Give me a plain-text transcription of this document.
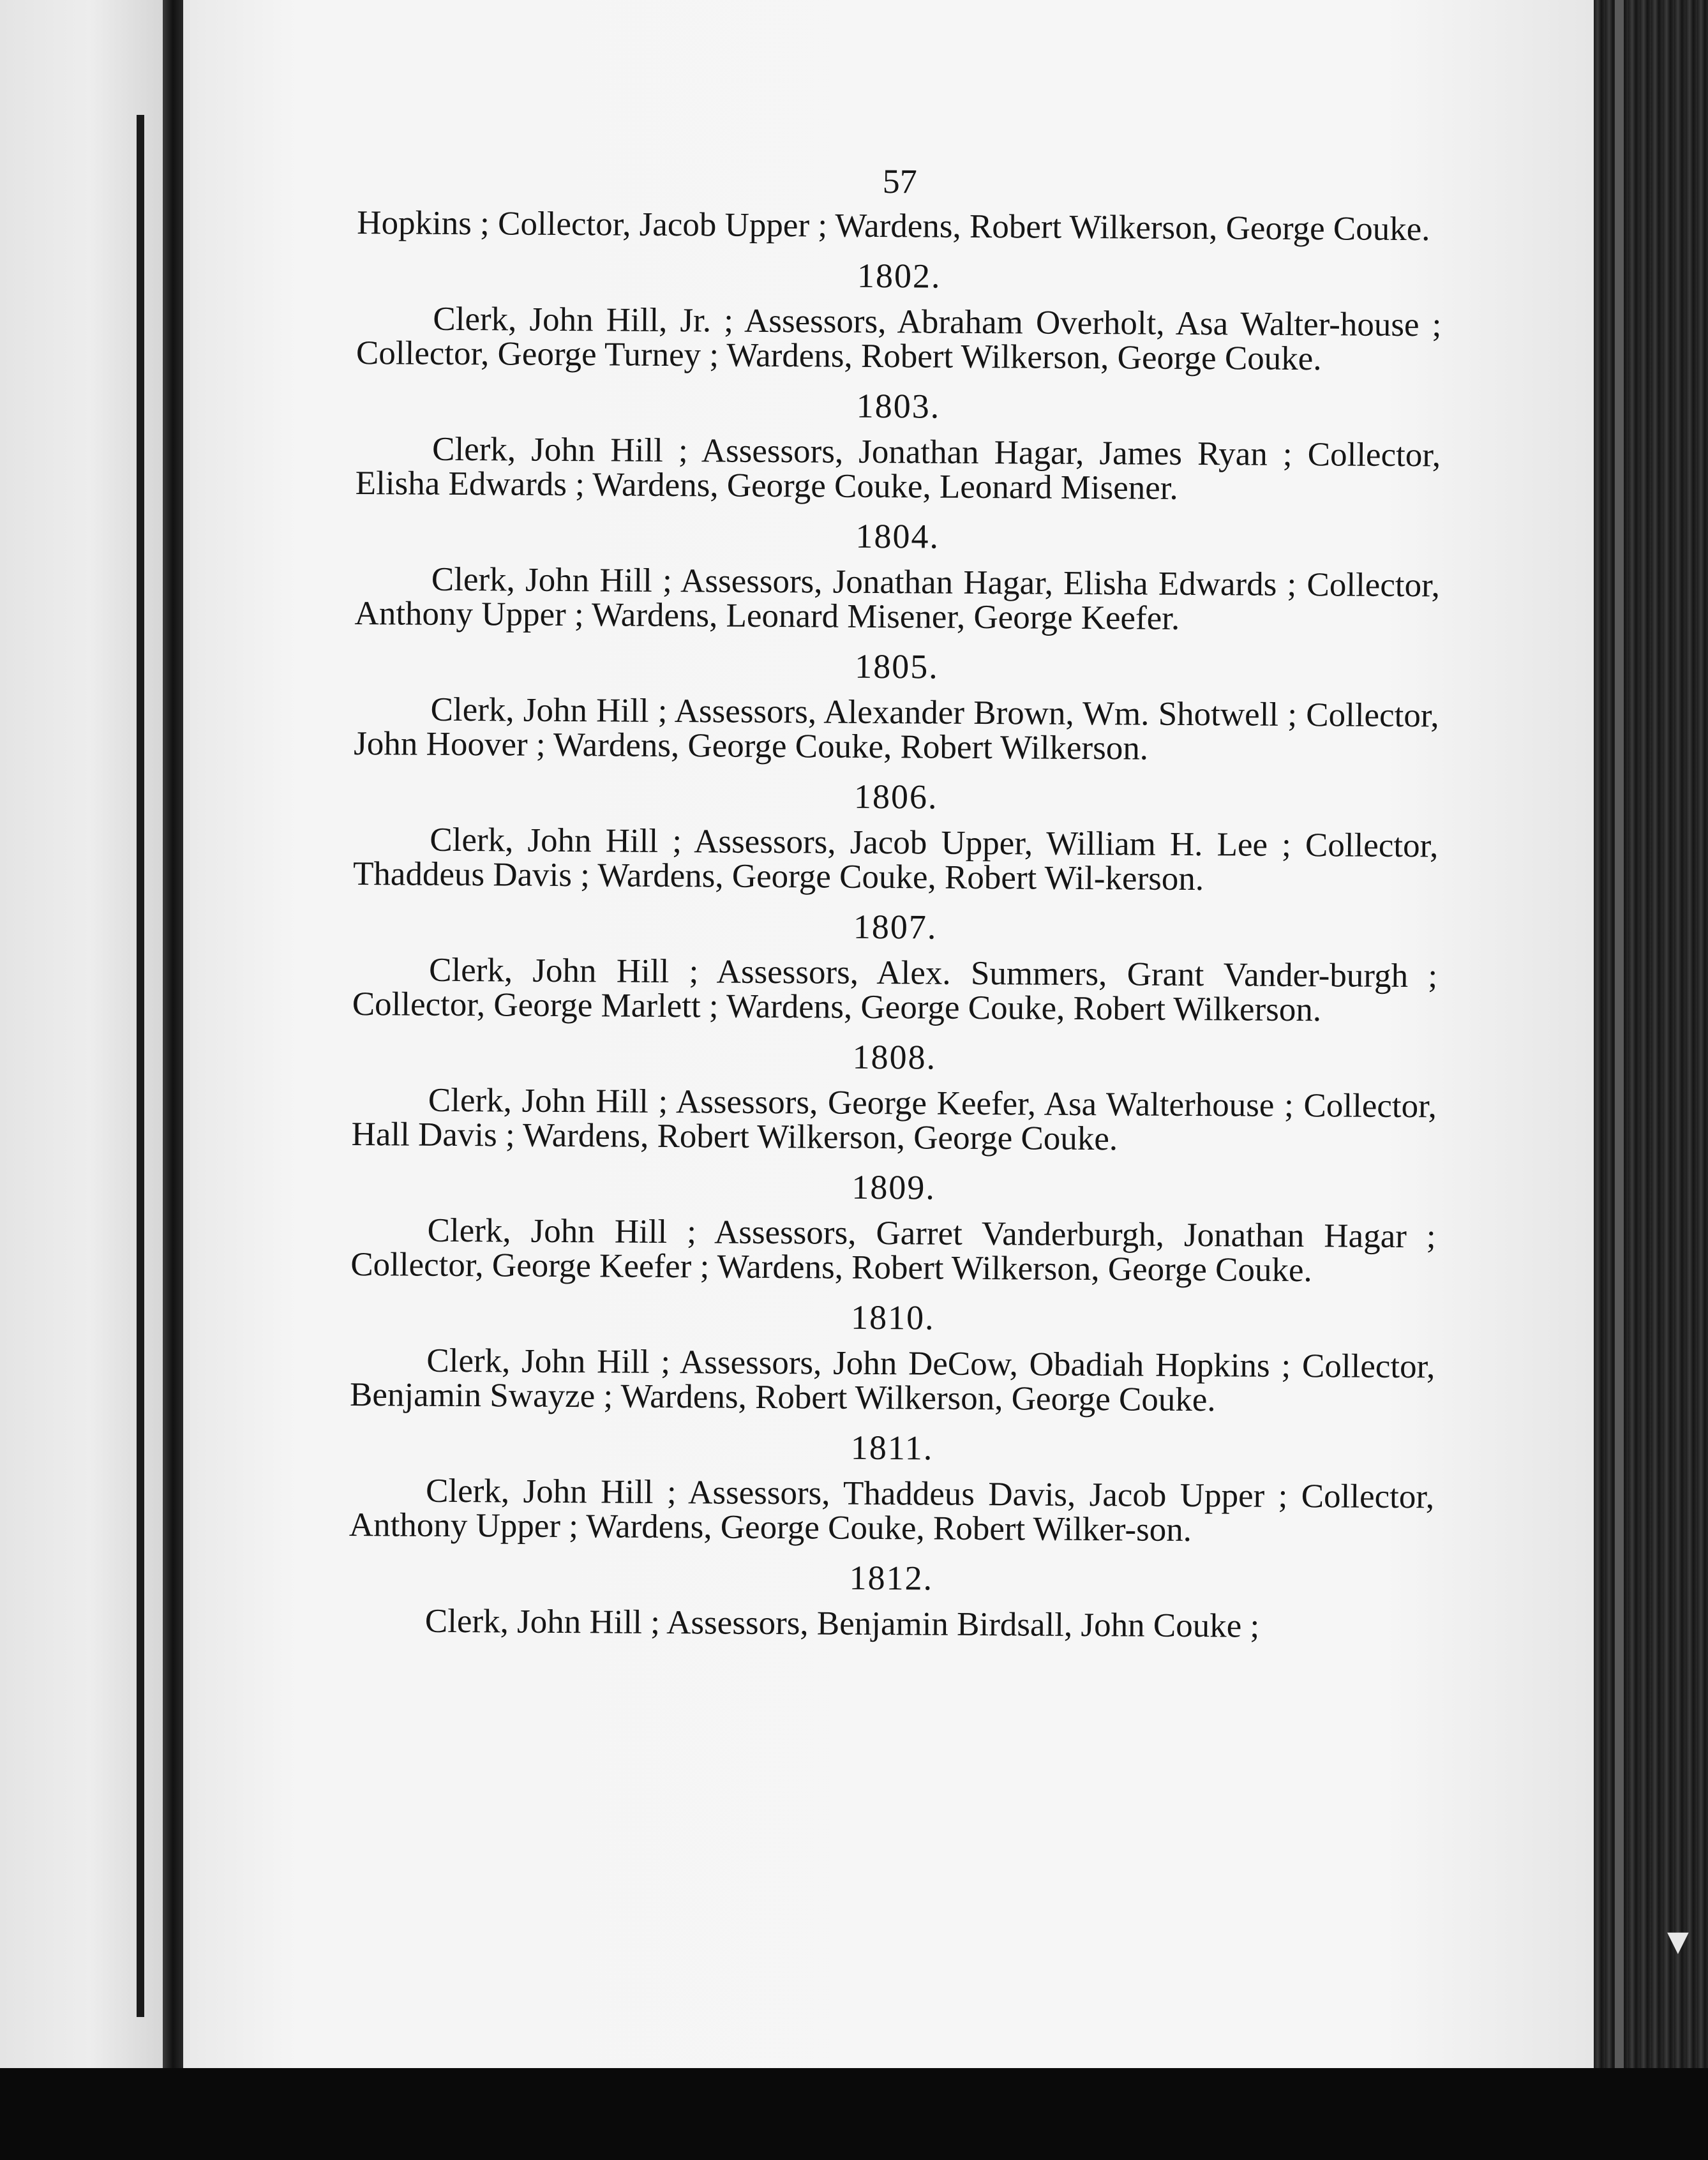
▼
57

Hopkins ; Collector, Jacob Upper ; Wardens, Robert Wilkerson, George Couke.

1802.

Clerk, John Hill, Jr. ; Assessors, Abraham Overholt, Asa Walter-house ; Collector, George Turney ; Wardens, Robert Wilkerson, George Couke.

1803.

Clerk, John Hill ; Assessors, Jonathan Hagar, James Ryan ; Collector, Elisha Edwards ; Wardens, George Couke, Leonard Misener.

1804.

Clerk, John Hill ; Assessors, Jonathan Hagar, Elisha Edwards ; Collector, Anthony Upper ; Wardens, Leonard Misener, George Keefer.

1805.

Clerk, John Hill ; Assessors, Alexander Brown, Wm. Shotwell ; Collector, John Hoover ; Wardens, George Couke, Robert Wilkerson.

1806.

Clerk, John Hill ; Assessors, Jacob Upper, William H. Lee ; Collector, Thaddeus Davis ; Wardens, George Couke, Robert Wil-kerson.

1807.

Clerk, John Hill ; Assessors, Alex. Summers, Grant Vander-burgh ; Collector, George Marlett ; Wardens, George Couke, Robert Wilkerson.

1808.

Clerk, John Hill ; Assessors, George Keefer, Asa Walterhouse ; Collector, Hall Davis ; Wardens, Robert Wilkerson, George Couke.

1809.

Clerk, John Hill ; Assessors, Garret Vanderburgh, Jonathan Hagar ; Collector, George Keefer ; Wardens, Robert Wilkerson, George Couke.

1810.

Clerk, John Hill ; Assessors, John DeCow, Obadiah Hopkins ; Collector, Benjamin Swayze ; Wardens, Robert Wilkerson, George Couke.

1811.

Clerk, John Hill ; Assessors, Thaddeus Davis, Jacob Upper ; Collector, Anthony Upper ; Wardens, George Couke, Robert Wilker-son.

1812.

Clerk, John Hill ; Assessors, Benjamin Birdsall, John Couke ;
